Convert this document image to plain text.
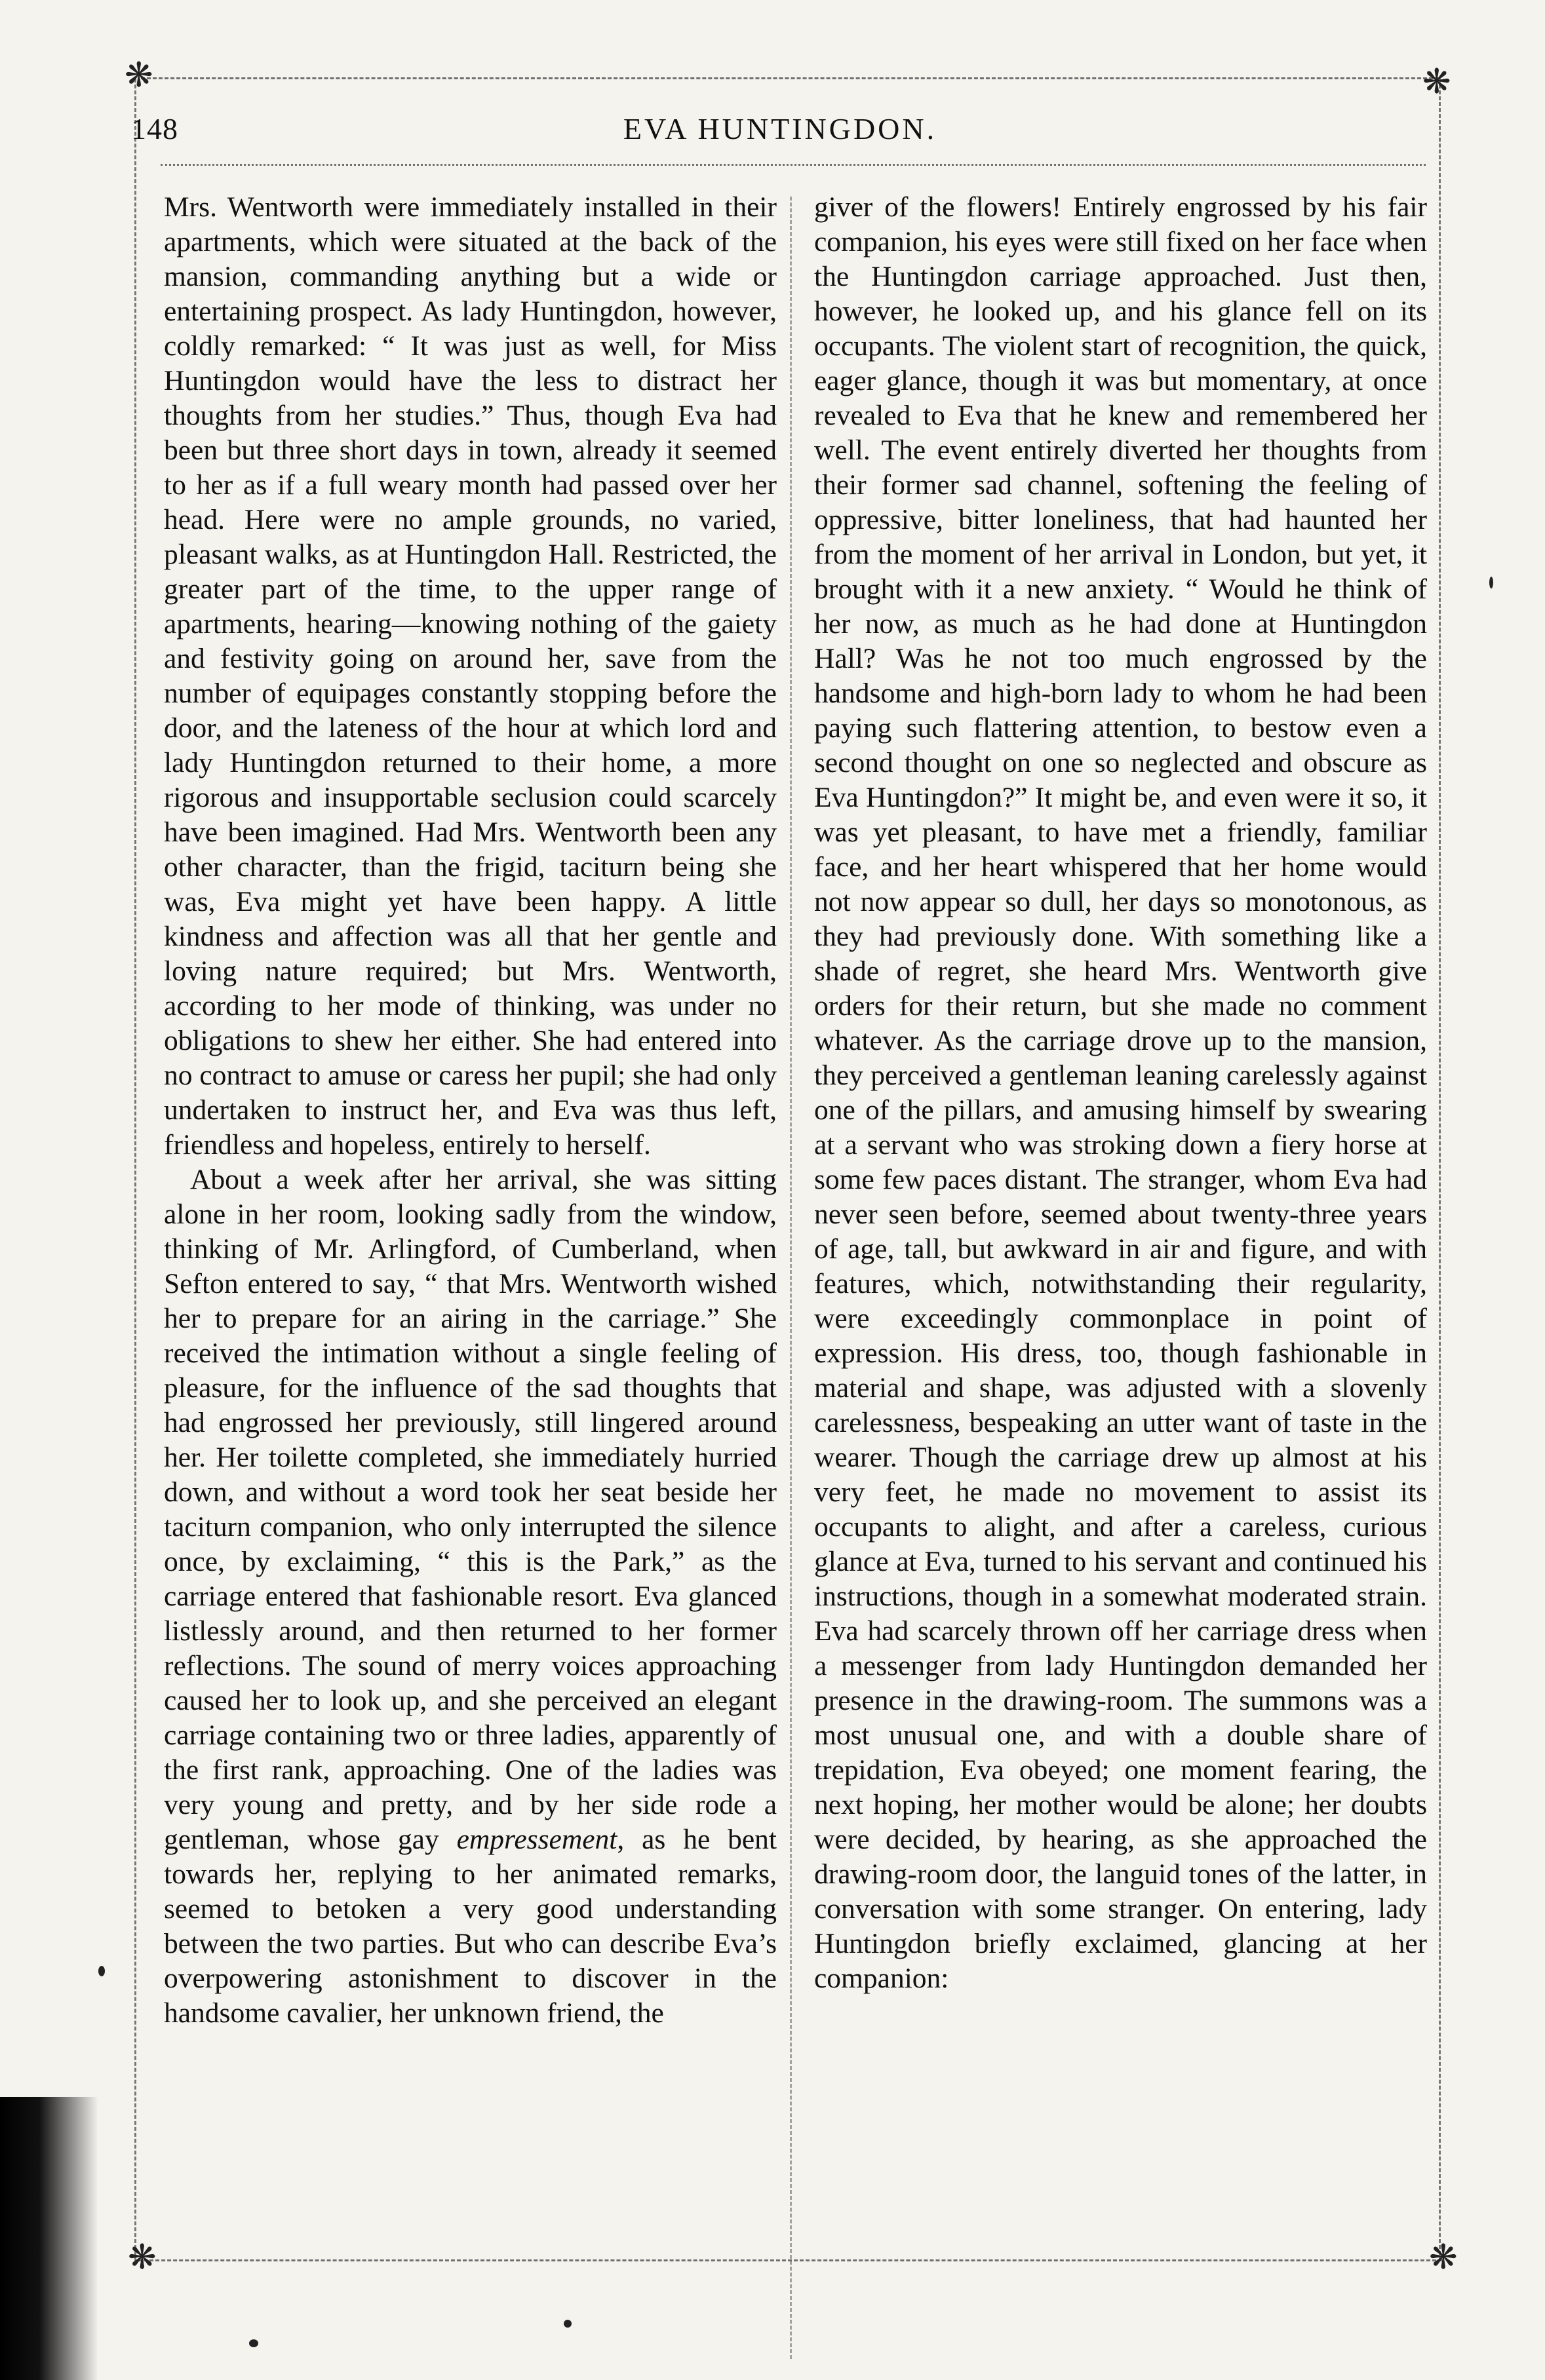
❋	❋
❋	❋
148	EVA HUNTINGDON.

Mrs. Wentworth were immediately installed in their apartments, which were situated at the back of the mansion, commanding anything but a wide or entertaining prospect. As lady Huntingdon, however, coldly remarked: “ It was just as well, for Miss Huntingdon would have the less to distract her thoughts from her studies.” Thus, though Eva had been but three short days in town, already it seemed to her as if a full weary month had passed over her head. Here were no ample grounds, no varied, pleasant walks, as at Huntingdon Hall. Restricted, the greater part of the time, to the upper range of apartments, hearing—knowing nothing of the gaiety and festivity going on around her, save from the number of equipages constantly stopping before the door, and the lateness of the hour at which lord and lady Huntingdon returned to their home, a more rigorous and insupportable seclusion could scarcely have been imagined. Had Mrs. Wentworth been any other character, than the frigid, taciturn being she was, Eva might yet have been happy. A little kindness and affection was all that her gentle and loving nature required; but Mrs. Wentworth, according to her mode of thinking, was under no obligations to shew her either. She had entered into no contract to amuse or caress her pupil; she had only undertaken to instruct her, and Eva was thus left, friendless and hopeless, entirely to herself.

About a week after her arrival, she was sitting alone in her room, looking sadly from the window, thinking of Mr. Arlingford, of Cumberland, when Sefton entered to say, “ that Mrs. Wentworth wished her to prepare for an airing in the carriage.” She received the intimation without a single feeling of pleasure, for the influence of the sad thoughts that had engrossed her previously, still lingered around her. Her toilette completed, she immediately hurried down, and without a word took her seat beside her taciturn companion, who only interrupted the silence once, by exclaiming, “ this is the Park,” as the carriage entered that fashionable resort. Eva glanced listlessly around, and then returned to her former reflections. The sound of merry voices approaching caused her to look up, and she perceived an elegant carriage containing two or three ladies, apparently of the first rank, approaching. One of the ladies was very young and pretty, and by her side rode a gentleman, whose gay empressement, as he bent towards her, replying to her animated remarks, seemed to betoken a very good understanding between the two parties. But who can describe Eva’s overpowering astonishment to discover in the handsome cavalier, her unknown friend, the

giver of the flowers! Entirely engrossed by his fair companion, his eyes were still fixed on her face when the Huntingdon carriage approached. Just then, however, he looked up, and his glance fell on its occupants. The violent start of recognition, the quick, eager glance, though it was but momentary, at once revealed to Eva that he knew and remembered her well. The event entirely diverted her thoughts from their former sad channel, softening the feeling of oppressive, bitter loneliness, that had haunted her from the moment of her arrival in London, but yet, it brought with it a new anxiety. “ Would he think of her now, as much as he had done at Huntingdon Hall? Was he not too much engrossed by the handsome and high-born lady to whom he had been paying such flattering attention, to bestow even a second thought on one so neglected and obscure as Eva Huntingdon?” It might be, and even were it so, it was yet pleasant, to have met a friendly, familiar face, and her heart whispered that her home would not now appear so dull, her days so monotonous, as they had previously done. With something like a shade of regret, she heard Mrs. Wentworth give orders for their return, but she made no comment whatever. As the carriage drove up to the mansion, they perceived a gentleman leaning carelessly against one of the pillars, and amusing himself by swearing at a servant who was stroking down a fiery horse at some few paces distant. The stranger, whom Eva had never seen before, seemed about twenty-three years of age, tall, but awkward in air and figure, and with features, which, notwithstanding their regularity, were exceedingly commonplace in point of expression. His dress, too, though fashionable in material and shape, was adjusted with a slovenly carelessness, bespeaking an utter want of taste in the wearer. Though the carriage drew up almost at his very feet, he made no movement to assist its occupants to alight, and after a careless, curious glance at Eva, turned to his servant and continued his instructions, though in a somewhat moderated strain. Eva had scarcely thrown off her carriage dress when a messenger from lady Huntingdon demanded her presence in the drawing-room. The summons was a most unusual one, and with a double share of trepidation, Eva obeyed; one moment fearing, the next hoping, her mother would be alone; her doubts were decided, by hearing, as she approached the drawing-room door, the languid tones of the latter, in conversation with some stranger. On entering, lady Huntingdon briefly exclaimed, glancing at her companion:
